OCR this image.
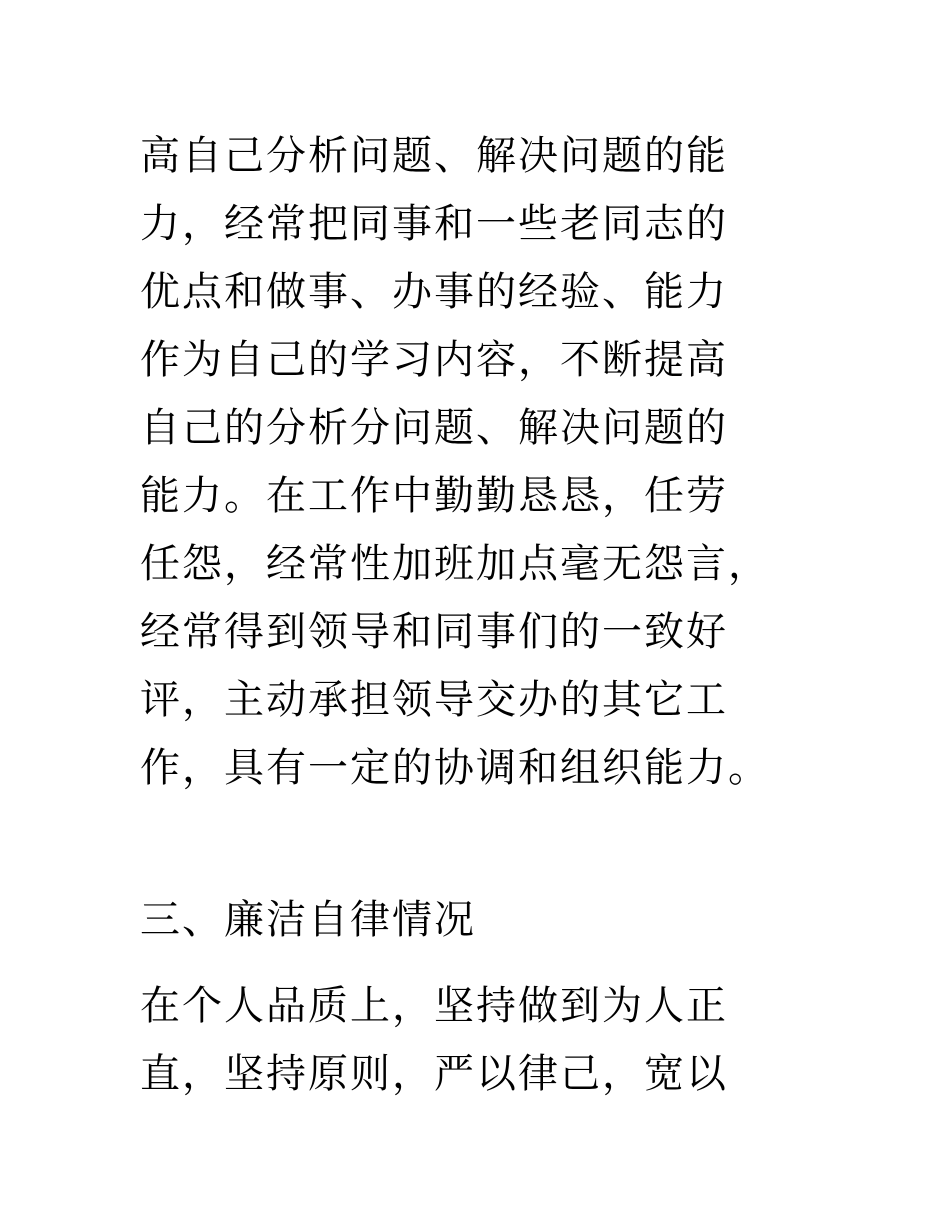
高自己分析问题、解决问题的能
力，经常把同事和一些老同志的
优点和做事、办事的经验、能力
作为自己的学习内容，不断提高
自己的分析分问题、解决问题的
能力。在工作中勤勤恳恳，任劳
任怨，经常性加班加点毫无怨言，
经常得到领导和同事们的一致好
评，主动承担领导交办的其它工
作，具有一定的协调和组织能力。
三、廉洁自律情况
在个人品质上，坚持做到为人正
直，坚持原则，严以律己，宽以
